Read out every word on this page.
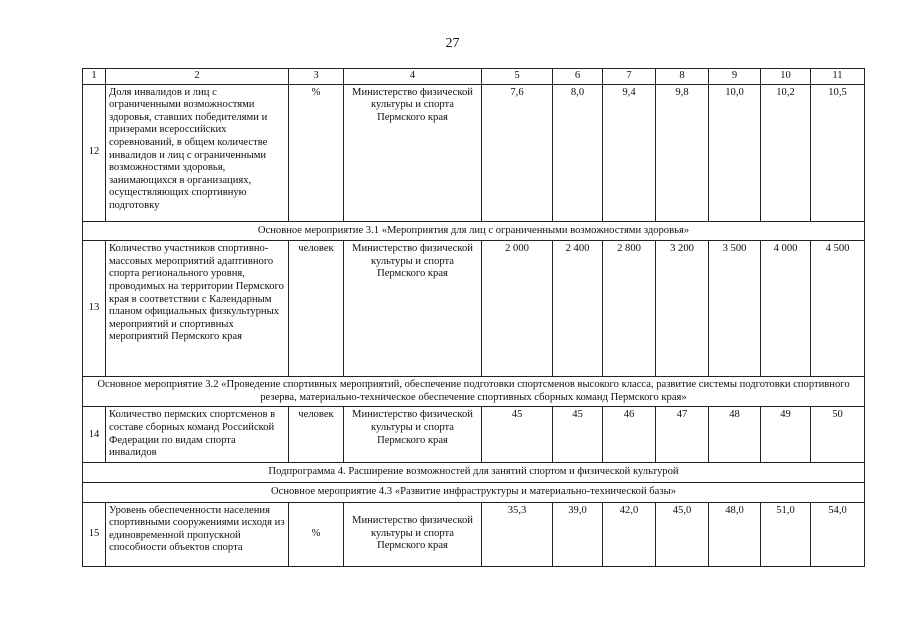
27
1	2	3	4	5	6	7	8	9	10	11
12	Доля инвалидов и лиц с ограниченными возможностями здоровья, ставших победителями и призерами всероссийских соревнований, в общем количестве инвалидов и лиц с ограниченными возможностями здоровья, занимающихся в организациях, осуществляющих спортивную подготовку	%	Министерство физической культуры и спорта Пермского края	7,6	8,0	9,4	9,8	10,0	10,2	10,5
Основное мероприятие 3.1 «Мероприятия для лиц с ограниченными возможностями здоровья»										
13	Количество участников спортивно-массовых мероприятий адаптивного спорта регионального уровня, проводимых на территории Пермского края в соответствии с Календарным планом официальных физкультурных мероприятий и спортивных мероприятий Пермского края	человек	Министерство физической культуры и спорта Пермского края	2 000	2 400	2 800	3 200	3 500	4 000	4 500
Основное мероприятие 3.2 «Проведение спортивных мероприятий, обеспечение подготовки спортсменов высокого класса, развитие системы подготовки спортивного резерва, материально-техническое обеспечение спортивных сборных команд Пермского края»										
14	Количество пермских спортсменов в составе сборных команд Российской Федерации по видам спорта инвалидов	человек	Министерство физической культуры и спорта Пермского края	45	45	46	47	48	49	50
Подпрограмма 4. Расширение возможностей для занятий спортом и физической культурой										
Основное мероприятие 4.3 «Развитие инфраструктуры и материально-технической базы»										
15	Уровень обеспеченности населения спортивными сооружениями исходя из единовременной пропускной способности объектов спорта	%	Министерство физической культуры и спорта Пермского края	35,3	39,0	42,0	45,0	48,0	51,0	54,0
